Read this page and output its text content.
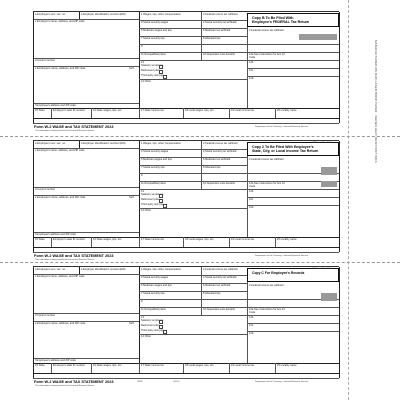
MANUFACTURED ON OUR LASER BOND PAPER - SERIES HEAT RESISTANT INKS
a Employee's soc. sec. no.	b Employer identification number (EIN)
c Employer's name, address, and ZIP code
d Control number
e Employee's name, address, and ZIP code	Suff.
f Employee's address and ZIP code
1 Wages, tips, other compensation
3 Social security wages
5 Medicare wages and tips
7 Social security tips
9
11 Nonqualified plans	10 Dependent care benefits
13
Statutory employee
Retirement plan
Third-party sick pay
14 Other
2 Federal income tax withheld
8 Allocated tips
2 Federal income tax withheld
4 Social security tax withheld
6 Medicare tax withheld
12a See instructions for box 12
Code
12b
12c
12d
15 State	Employer's state ID number	16 State wages, tips, etc.	17 State income tax	18 Local wages, tips, etc.	19 Local income tax	20 Locality name
Copy B To Be Filed With
Employee's FEDERAL Tax Return
Form W-2 WAGE and TAX STATEMENT 2023	Department of the Treasury - Internal Revenue Service
This information is being furnished to the Internal Revenue Service.
a Employee's soc. sec. no.	b Employer identification number (EIN)
c Employer's name, address, and ZIP code
d Control number
e Employee's name, address, and ZIP code	Suff.
f Employee's address and ZIP code
1 Wages, tips, other compensation
3 Social security wages
5 Medicare wages and tips
7 Social security tips
9
11 Nonqualified plans	10 Dependent care benefits
13
Statutory employee
Retirement plan
Third-party sick pay
14 Other
2 Federal income tax withheld
8 Allocated tips
2 Federal income tax withheld
4 Social security tax withheld
6 Medicare tax withheld
12a See instructions for box 12
Code
12b
12c
12d
15 State	Employer's state ID number	16 State wages, tips, etc.	17 State income tax	18 Local wages, tips, etc.	19 Local income tax	20 Locality name
Copy 2 To Be Filed With Employee's
State, City, or Local Income Tax Return
OMB No. 1545-0008
Form W-2 WAGE and TAX STATEMENT 2023	Department of the Treasury - Internal Revenue Service
This information is being furnished to the Internal Revenue Service.
a Employee's soc. sec. no.	b Employer identification number (EIN)
c Employer's name, address, and ZIP code
d Control number
e Employee's name, address, and ZIP code	Suff.
f Employee's address and ZIP code
1 Wages, tips, other compensation
3 Social security wages
5 Medicare wages and tips
7 Social security tips
9
11 Nonqualified plans	10 Dependent care benefits
13
Statutory employee
Retirement plan
Third-party sick pay
14 Other
2 Federal income tax withheld
8 Allocated tips
2 Federal income tax withheld
4 Social security tax withheld
6 Medicare tax withheld
12a See instructions for box 12
Code
12b
12c
12d
15 State	Employer's state ID number	16 State wages, tips, etc.	17 State income tax	18 Local wages, tips, etc.	19 Local income tax	20 Locality name
Copy C For Employee's Records
OMB No. 1545-0008
Form W-2 WAGE and TAX STATEMENT 2023	Department of the Treasury - Internal Revenue Service
This information is being furnished to the Internal Revenue Service.
LW2F	(2023)
